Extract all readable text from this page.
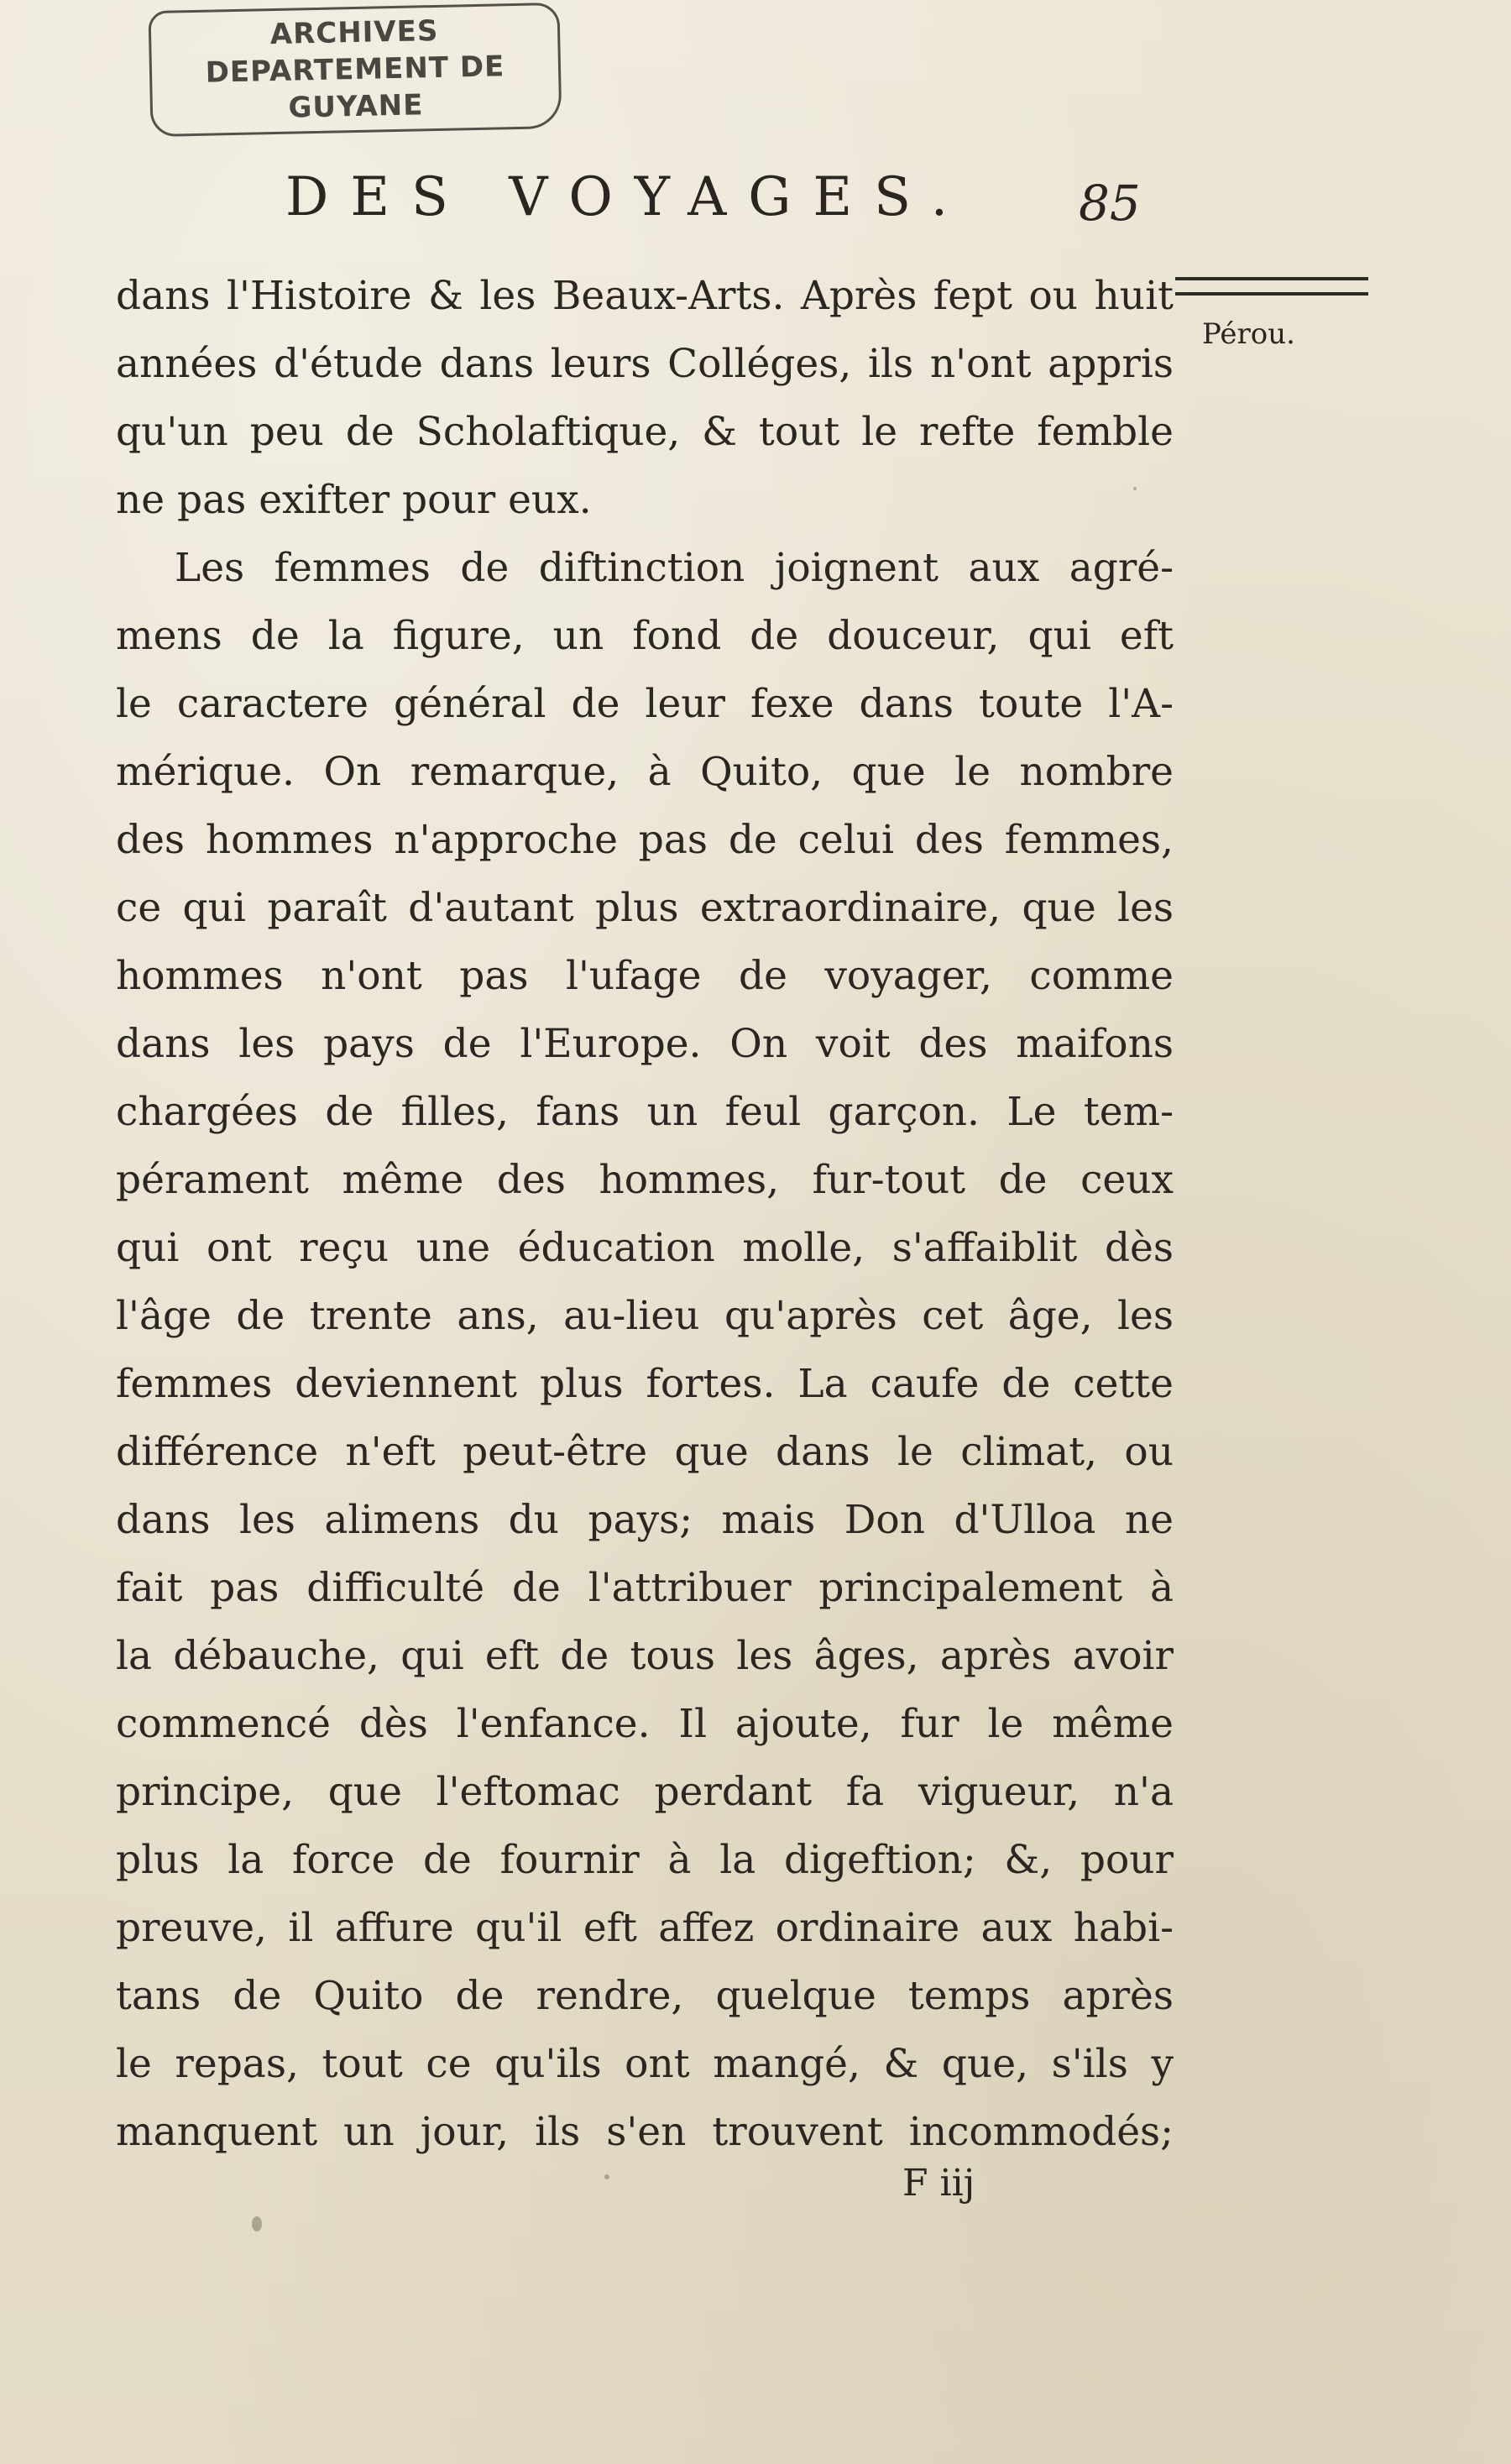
ARCHIVES
DEPARTEMENT DE
GUYANE
DES VOYAGES. 85
Pérou.
dans l'Histoire & les Beaux-Arts. Après fept ou huit
années d'étude dans leurs Colléges, ils n'ont appris
qu'un peu de Scholaftique, & tout le refte femble
ne pas exifter pour eux.
Les femmes de diftinction joignent aux agré-
mens de la figure, un fond de douceur, qui eft
le caractere général de leur fexe dans toute l'A-
mérique. On remarque, à Quito, que le nombre
des hommes n'approche pas de celui des femmes,
ce qui paraît d'autant plus extraordinaire, que les
hommes n'ont pas l'ufage de voyager, comme
dans les pays de l'Europe. On voit des maifons
chargées de filles, fans un feul garçon. Le tem-
pérament même des hommes, fur-tout de ceux
qui ont reçu une éducation molle, s'affaiblit dès
l'âge de trente ans, au-lieu qu'après cet âge, les
femmes deviennent plus fortes. La caufe de cette
différence n'eft peut-être que dans le climat, ou
dans les alimens du pays; mais Don d'Ulloa ne
fait pas difficulté de l'attribuer principalement à
la débauche, qui eft de tous les âges, après avoir
commencé dès l'enfance. Il ajoute, fur le même
principe, que l'eftomac perdant fa vigueur, n'a
plus la force de fournir à la digeftion; &, pour
preuve, il affure qu'il eft affez ordinaire aux habi-
tans de Quito de rendre, quelque temps après
le repas, tout ce qu'ils ont mangé, & que, s'ils y
manquent un jour, ils s'en trouvent incommodés;
F iij
